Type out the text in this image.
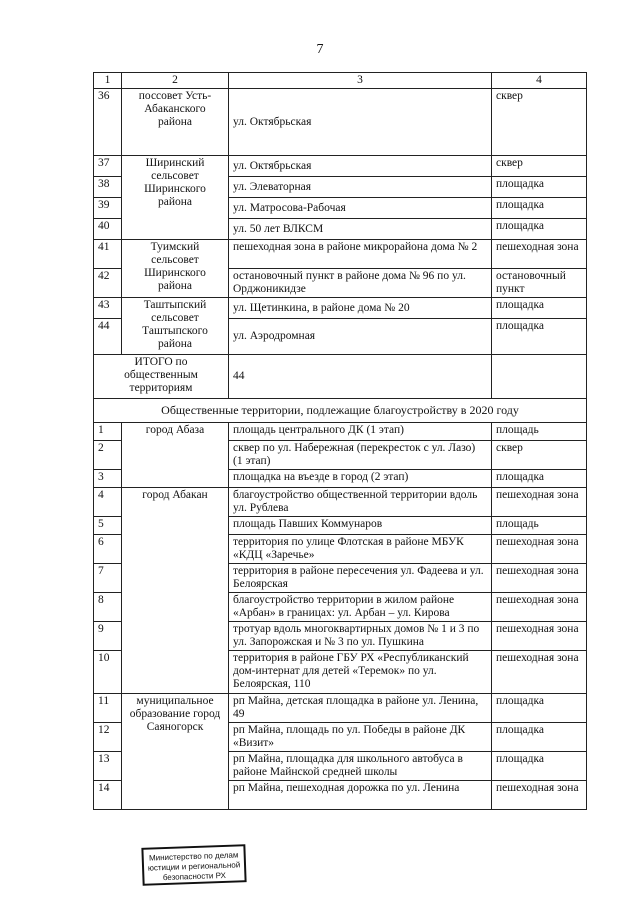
7
1	2	3	4
36	поссовет Усть-Абаканского района	ул. Октябрьская	сквер
37	Ширинский сельсовет Ширинского района	ул. Октябрьская	сквер
38		ул. Элеваторная	площадка
39		ул. Матросова-Рабочая	площадка
40		ул. 50 лет ВЛКСМ	площадка
41	Туимский сельсовет Ширинского района	пешеходная зона в районе микрорайона дома № 2	пешеходная зона
42		остановочный пункт в районе дома № 96 по ул. Орджоникидзе	остановочный пункт
43	Таштыпский сельсовет Таштыпского района	ул. Щетинкина, в районе дома № 20	площадка
44		ул. Аэродромная	площадка
ИТОГО по общественным территориям		44	
Общественные территории, подлежащие благоустройству в 2020 году			
1	город Абаза	площадь центрального ДК (1 этап)	площадь
2		сквер по ул. Набережная (перекресток с ул. Лазо) (1 этап)	сквер
3		площадка на въезде в город (2 этап)	площадка
4	город Абакан	благоустройство общественной территории вдоль ул. Рублева	пешеходная зона
5		площадь Павших Коммунаров	площадь
6		территория по улице Флотская в районе МБУК «КДЦ «Заречье»	пешеходная зона
7		территория в районе пересечения ул. Фадеева и ул. Белоярская	пешеходная зона
8		благоустройство территории в жилом районе «Арбан» в границах: ул. Арбан – ул. Кирова	пешеходная зона
9		тротуар вдоль многоквартирных домов № 1 и 3 по ул. Запорожская и № 3 по ул. Пушкина	пешеходная зона
10		территория в районе ГБУ РХ «Республиканский дом-интернат для детей «Теремок» по ул. Белоярская, 110	пешеходная зона
11	муниципальное образование город Саяногорск	рп Майна, детская площадка в районе ул. Ленина, 49	площадка
12		рп Майна, площадь по ул. Победы в районе ДК «Визит»	площадка
13		рп Майна, площадка для школьного автобуса в районе Майнской средней школы	площадка
14		рп Майна, пешеходная дорожка по ул. Ленина	пешеходная зона
Министерство по делам
юстиции и региональной
безопасности РХ
